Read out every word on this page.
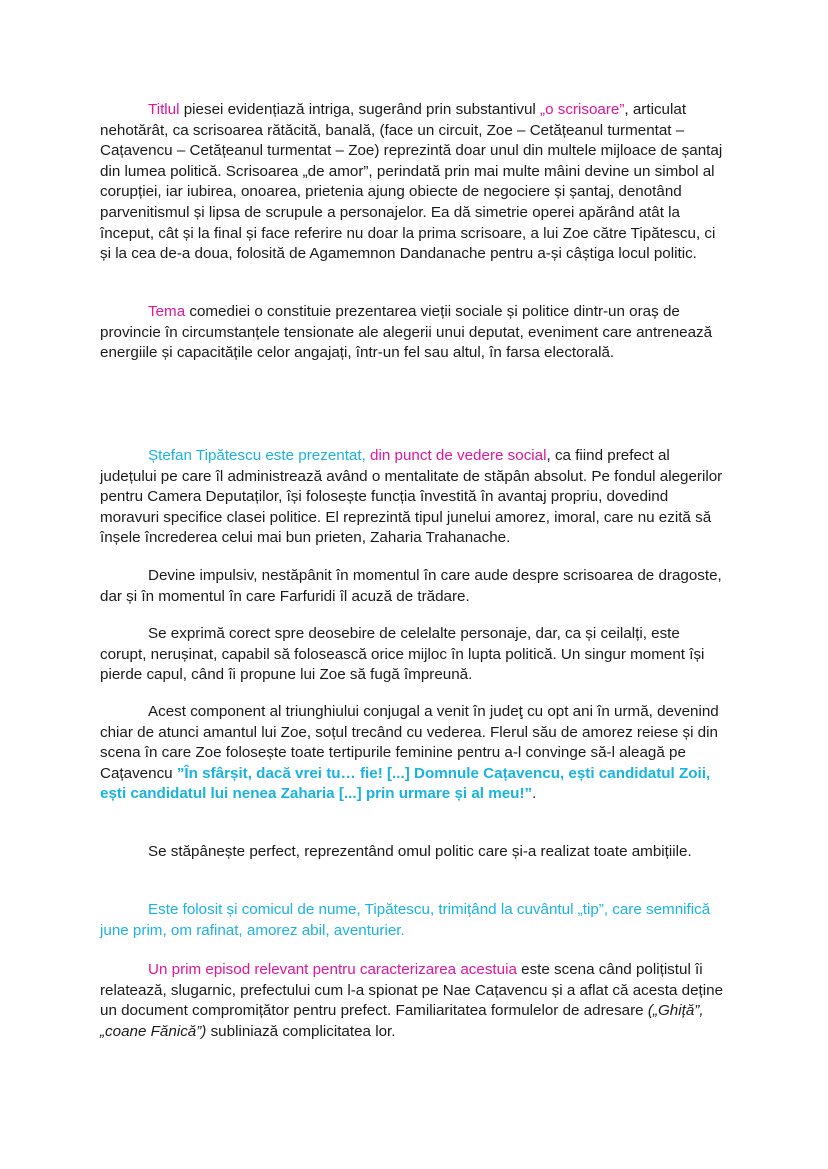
Titlul piesei evidențiază intriga, sugerând prin substantivul „o scrisoare”, articulat nehotărât, ca scrisoarea rătăcită, banală, (face un circuit, Zoe – Cetățeanul turmentat – Cațavencu – Cetățeanul turmentat – Zoe) reprezintă doar unul din multele mijloace de șantaj din lumea politică. Scrisoarea „de amor”, perindată prin mai multe mâini devine un simbol al corupției, iar iubirea, onoarea, prietenia ajung obiecte de negociere și șantaj, denotând parvenitismul și lipsa de scrupule a personajelor. Ea dă simetrie operei apărând atât la început, cât și la final și face referire nu doar la prima scrisoare, a lui Zoe către Tipătescu, ci și la cea de-a doua, folosită de Agamemnon Dandanache pentru a-și câștiga locul politic.

Tema comediei o constituie prezentarea vieții sociale și politice dintr-un oraș de provincie în circumstanțele tensionate ale alegerii unui deputat, eveniment care antrenează energiile și capacitățile celor angajați, într-un fel sau altul, în farsa electorală.

Ștefan Tipătescu este prezentat, din punct de vedere social, ca fiind prefect al județului pe care îl administrează având o mentalitate de stăpân absolut. Pe fondul alegerilor pentru Camera Deputaților, își folosește funcția învestită în avantaj propriu, dovedind moravuri specifice clasei politice. El reprezintă tipul junelui amorez, imoral, care nu ezită să înșele încrederea celui mai bun prieten, Zaharia Trahanache.

Devine impulsiv, nestăpânit în momentul în care aude despre scrisoarea de dragoste, dar și în momentul în care Farfuridi îl acuză de trădare.

Se exprimă corect spre deosebire de celelalte personaje, dar, ca și ceilalți, este corupt, nerușinat, capabil să folosească orice mijloc în lupta politică. Un singur moment își pierde capul, când îi propune lui Zoe să fugă împreună.

Acest component al triunghiului conjugal a venit în judeţ cu opt ani în urmă, devenind chiar de atunci amantul lui Zoe, soțul trecând cu vederea. Flerul său de amorez reiese și din scena în care Zoe folosește toate tertipurile feminine pentru a-l convinge să-l aleagă pe Cațavencu ”În sfârșit, dacă vrei tu… fie! [...] Domnule Cațavencu, ești candidatul Zoii, ești candidatul lui nenea Zaharia [...] prin urmare și al meu!”.

Se stăpânește perfect, reprezentând omul politic care și-a realizat toate ambițiile.

Este folosit și comicul de nume, Tipătescu, trimițând la cuvântul „tip”, care semnifică june prim, om rafinat, amorez abil, aventurier.

Un prim episod relevant pentru caracterizarea acestuia este scena când polițistul îi relatează, slugarnic, prefectului cum l-a spionat pe Nae Cațavencu și a aflat că acesta deține un document compromițător pentru prefect. Familiaritatea formulelor de adresare („Ghiță”, „coane Fănică”) subliniază complicitatea lor.
